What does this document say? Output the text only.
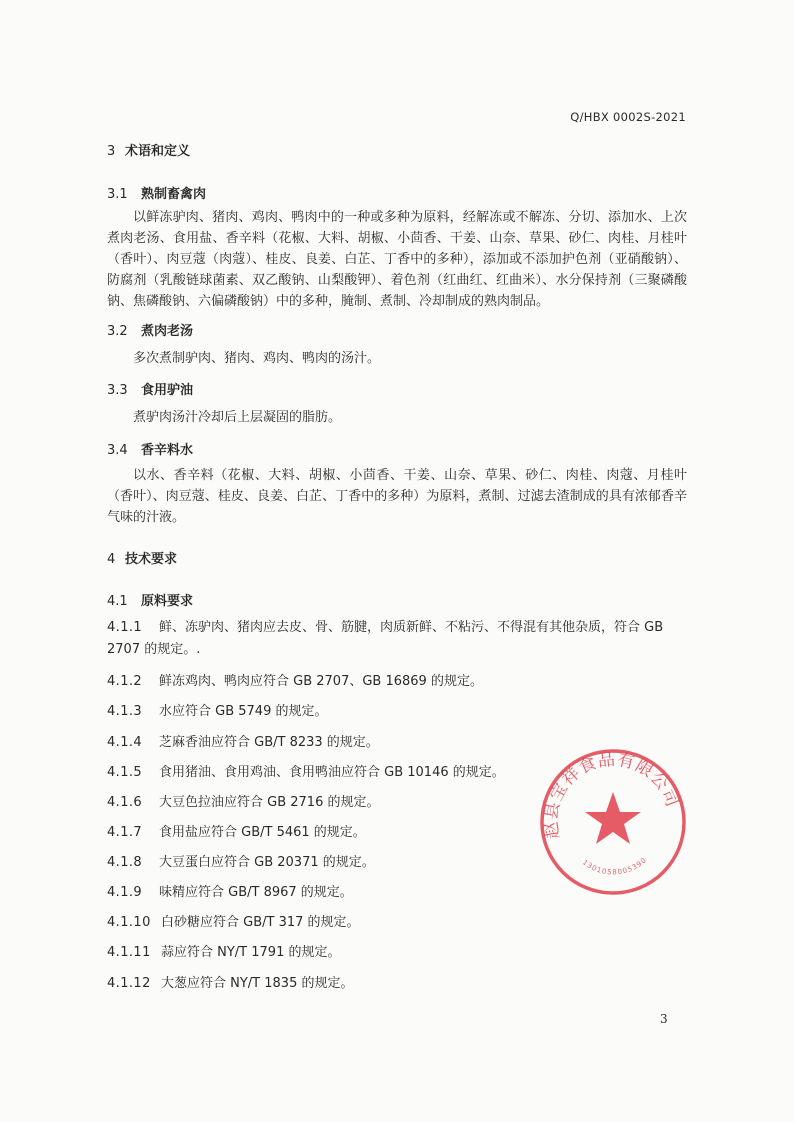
Q/HBX 0002S-2021
3 术语和定义
3.1 熟制畜禽肉
以鲜冻驴肉、猪肉、鸡肉、鸭肉中的一种或多种为原料，经解冻或不解冻、分切、添加水、上次煮肉老汤、食用盐、香辛料（花椒、大料、胡椒、小茴香、干姜、山奈、草果、砂仁、肉桂、月桂叶（香叶）、肉豆蔻（肉蔻）、桂皮、良姜、白芷、丁香中的多种），添加或不添加护色剂（亚硝酸钠）、防腐剂（乳酸链球菌素、双乙酸钠、山梨酸钾）、着色剂（红曲红、红曲米）、水分保持剂（三聚磷酸钠、焦磷酸钠、六偏磷酸钠）中的多种，腌制、煮制、冷却制成的熟肉制品。
3.2 煮肉老汤
多次煮制驴肉、猪肉、鸡肉、鸭肉的汤汁。
3.3 食用驴油
煮驴肉汤汁冷却后上层凝固的脂肪。
3.4 香辛料水
以水、香辛料（花椒、大料、胡椒、小茴香、干姜、山奈、草果、砂仁、肉桂、肉蔻、月桂叶（香叶）、肉豆蔻、桂皮、良姜、白芷、丁香中的多种）为原料，煮制、过滤去渣制成的具有浓郁香辛气味的汁液。
4 技术要求
4.1 原料要求
4.1.1 鲜、冻驴肉、猪肉应去皮、骨、筋腱，肉质新鲜、不粘污、不得混有其他杂质，符合 GB 2707 的规定。.
4.1.2 鲜冻鸡肉、鸭肉应符合 GB 2707、GB 16869 的规定。
4.1.3 水应符合 GB 5749 的规定。
4.1.4 芝麻香油应符合 GB/T 8233 的规定。
4.1.5 食用猪油、食用鸡油、食用鸭油应符合 GB 10146 的规定。
4.1.6 大豆色拉油应符合 GB 2716 的规定。
4.1.7 食用盐应符合 GB/T 5461 的规定。
4.1.8 大豆蛋白应符合 GB 20371 的规定。
4.1.9 味精应符合 GB/T 8967 的规定。
4.1.10 白砂糖应符合 GB/T 317 的规定。
4.1.11 蒜应符合 NY/T 1791 的规定。
4.1.12 大葱应符合 NY/T 1835 的规定。
赵县宝祥食品有限公司
1301058005390
3
